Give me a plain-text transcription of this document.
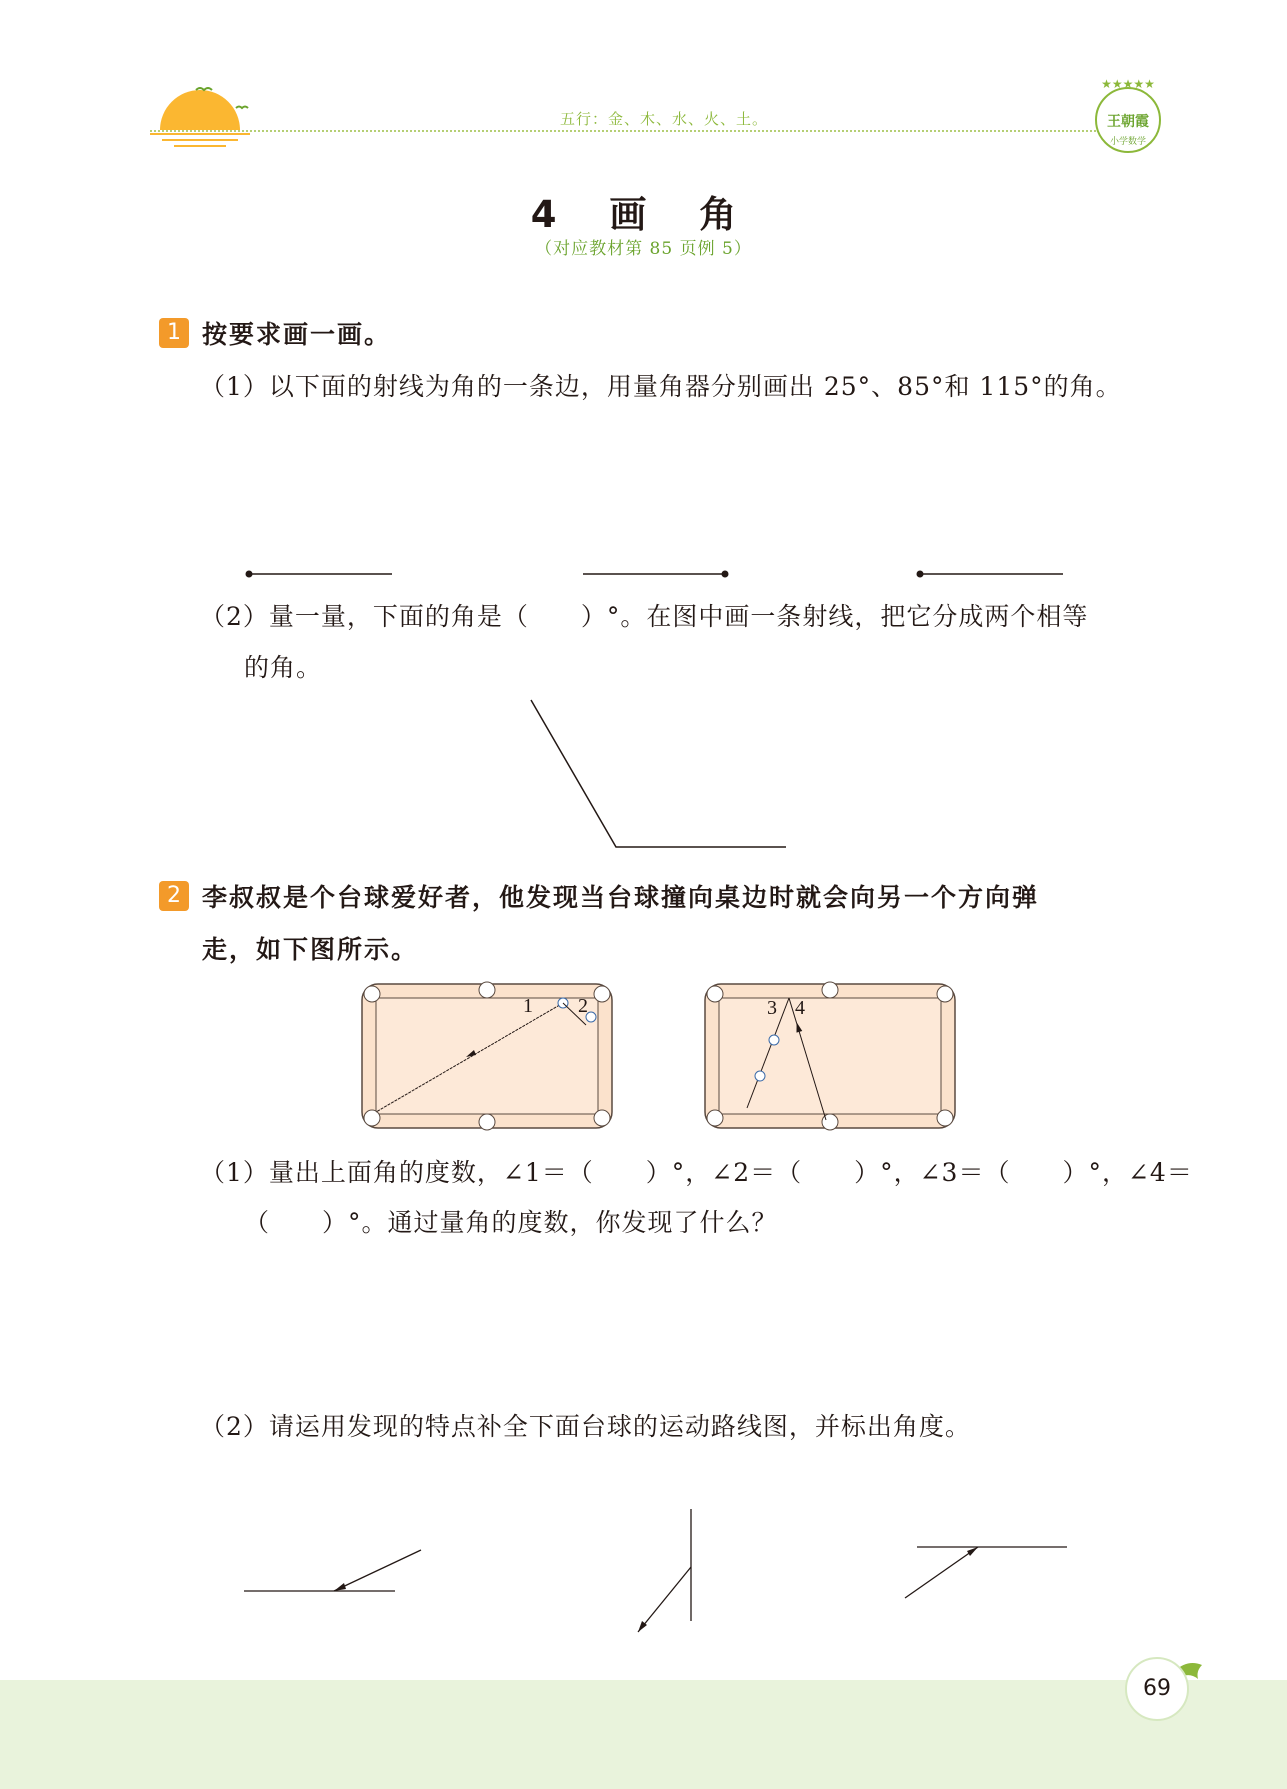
五行：金、木、水、火、土。
★★★★★
王朝霞
小学数学
4 画 角
（对应教材第 85 页例 5）
1 按要求画一画。
（1）以下面的射线为角的一条边，用量角器分别画出 25°、85°和 115°的角。
（2）量一量，下面的角是（　　）°。在图中画一条射线，把它分成两个相等
的角。
2 李叔叔是个台球爱好者，他发现当台球撞向桌边时就会向另一个方向弹
走，如下图所示。
1 2	3 4
（1）量出上面角的度数，∠1＝（　　）°，∠2＝（　　）°，∠3＝（　　）°，∠4＝
（　　）°。通过量角的度数，你发现了什么？
（2）请运用发现的特点补全下面台球的运动路线图，并标出角度。
69
